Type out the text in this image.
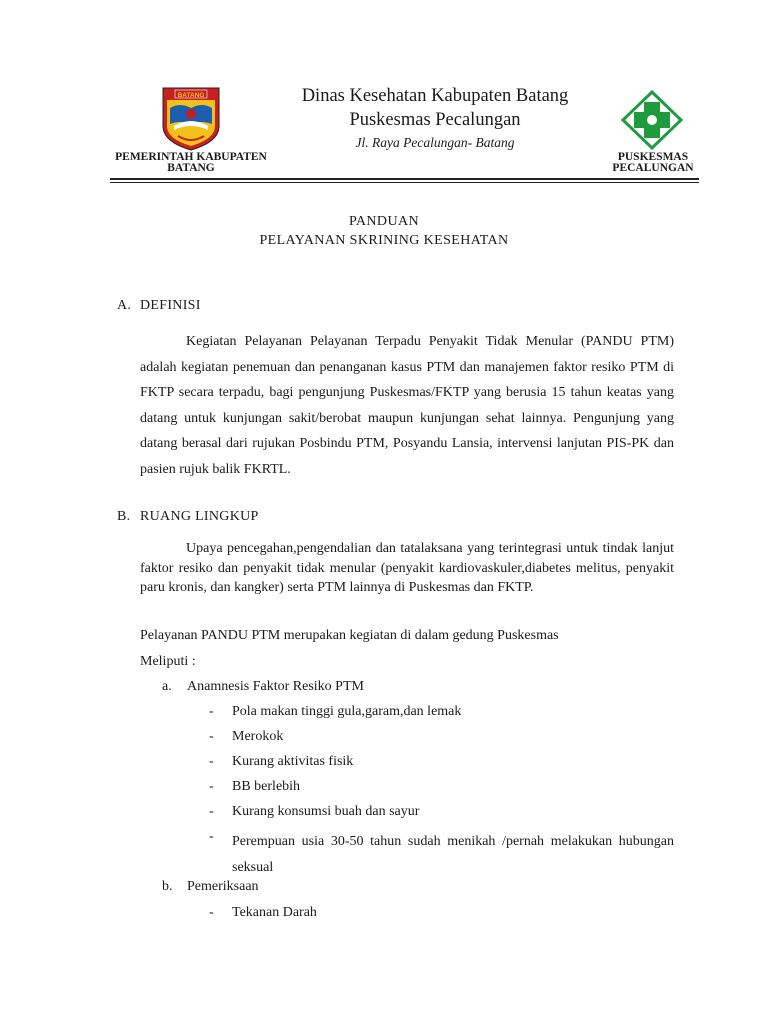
BATANG
PEMERINTAH KABUPATEN
BATANG
Dinas Kesehatan Kabupaten Batang
Puskesmas Pecalungan
Jl. Raya Pecalungan- Batang
PUSKESMAS
PECALUNGAN
PANDUAN
PELAYANAN SKRINING KESEHATAN
A. DEFINISI

Kegiatan Pelayanan Pelayanan Terpadu Penyakit Tidak Menular (PANDU PTM) adalah kegiatan penemuan dan penanganan kasus PTM dan manajemen faktor resiko PTM di FKTP secara terpadu, bagi pengunjung Puskesmas/FKTP yang berusia 15 tahun keatas yang datang untuk kunjungan sakit/berobat maupun kunjungan sehat lainnya. Pengunjung yang datang berasal dari rujukan Posbindu PTM, Posyandu Lansia, intervensi lanjutan PIS-PK dan pasien rujuk balik FKRTL.

B. RUANG LINGKUP

Upaya pencegahan,pengendalian dan tatalaksana yang terintegrasi untuk tindak lanjut faktor resiko dan penyakit tidak menular (penyakit kardiovaskuler,diabetes melitus, penyakit paru kronis, dan kangker) serta PTM lainnya di Puskesmas dan FKTP.

Pelayanan PANDU PTM merupakan kegiatan di dalam gedung Puskesmas
Meliputi :
a. Anamnesis Faktor Resiko PTM
- Pola makan tinggi gula,garam,dan lemak
- Merokok
- Kurang aktivitas fisik
- BB berlebih
- Kurang konsumsi buah dan sayur
- Perempuan usia 30-50 tahun sudah menikah /pernah melakukan hubungan seksual

b. Pemeriksaan
- Tekanan Darah
